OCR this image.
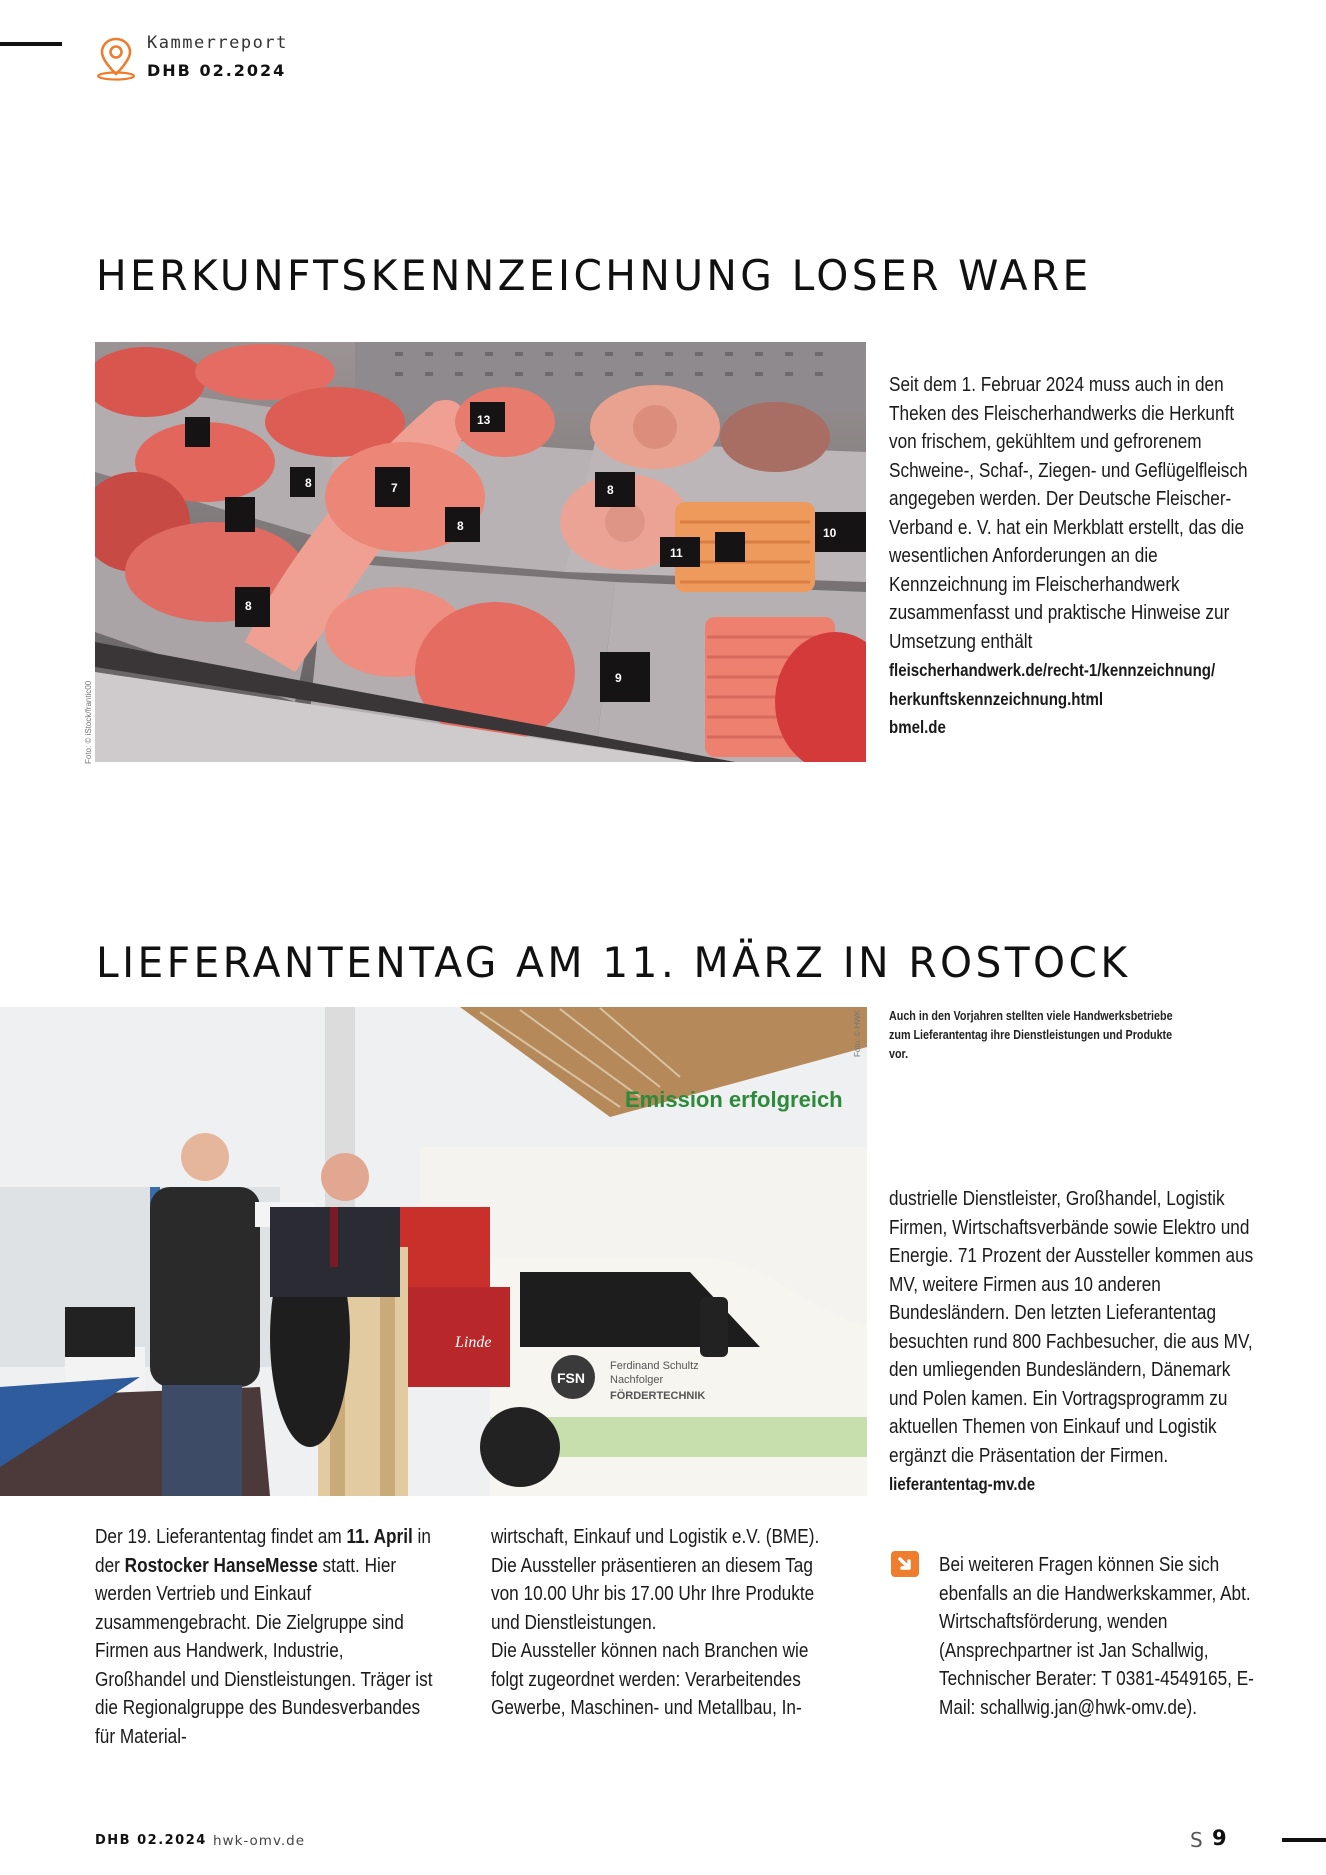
Kammerreport
DHB 02.2024
HERKUNFTSKENNZEICHNUNG LOSER WARE
13
8
7
8
8
11
10
8
9
Foto: © iStock/frantic00
Seit dem 1. Februar 2024 muss auch in den Theken des Fleischerhandwerks die Herkunft von frischem, gekühltem und gefrorenem Schweine-, Schaf-, Ziegen- und Geflügelfleisch angegeben werden. Der Deutsche Fleischer-Verband e. V. hat ein Merkblatt erstellt, das die wesentlichen Anforderungen an die Kennzeichnung im Fleischerhandwerk zusammenfasst und praktische Hinweise zur Umsetzung enthält
fleischerhandwerk.de/recht-1/kennzeichnung/
herkunftskennzeichnung.html
bmel.de
LIEFERANTENTAG AM 11. MÄRZ IN ROSTOCK
Emission erfolgreich
FSN
Ferdinand Schultz
Nachfolger
FÖRDERTECHNIK
Linde
Foto: © HWK Auch in den Vorjahren stellten viele Handwerksbetriebe zum Lieferantentag ihre Dienstleistungen und Produkte vor.
dustrielle Dienstleister, Großhandel, Logistik Firmen, Wirtschaftsverbände sowie Elektro und Energie. 71 Prozent der Aussteller kommen aus MV, weitere Firmen aus 10 anderen Bundesländern. Den letzten Lieferantentag besuchten rund 800 Fachbesucher, die aus MV, den umliegenden Bundesländern, Dänemark und Polen kamen. Ein Vortragsprogramm zu aktuellen Themen von Einkauf und Logistik ergänzt die Präsentation der Firmen.
lieferantentag-mv.de
Der 19. Lieferantentag findet am 11. April in der Rostocker HanseMesse statt. Hier werden Vertrieb und Einkauf zusammengebracht. Die Zielgruppe sind Firmen aus Handwerk, Industrie, Großhandel und Dienstleistungen. Träger ist die Regionalgruppe des Bundesverbandes für Material-
wirtschaft, Einkauf und Logistik e.V. (BME). Die Aussteller präsentieren an diesem Tag von 10.00 Uhr bis 17.00 Uhr Ihre Produkte und Dienstleistungen.
Die Aussteller können nach Branchen wie folgt zugeordnet werden: Verarbeitendes Gewerbe, Maschinen- und Metallbau, In-
Bei weiteren Fragen können Sie sich ebenfalls an die Handwerkskammer, Abt. Wirtschaftsförderung, wenden (Ansprechpartner ist Jan Schallwig, Technischer Berater: T 0381-4549165, E-Mail: schallwig.jan@hwk-omv.de).
DHB 02.2024 hwk-omv.de	S 9
